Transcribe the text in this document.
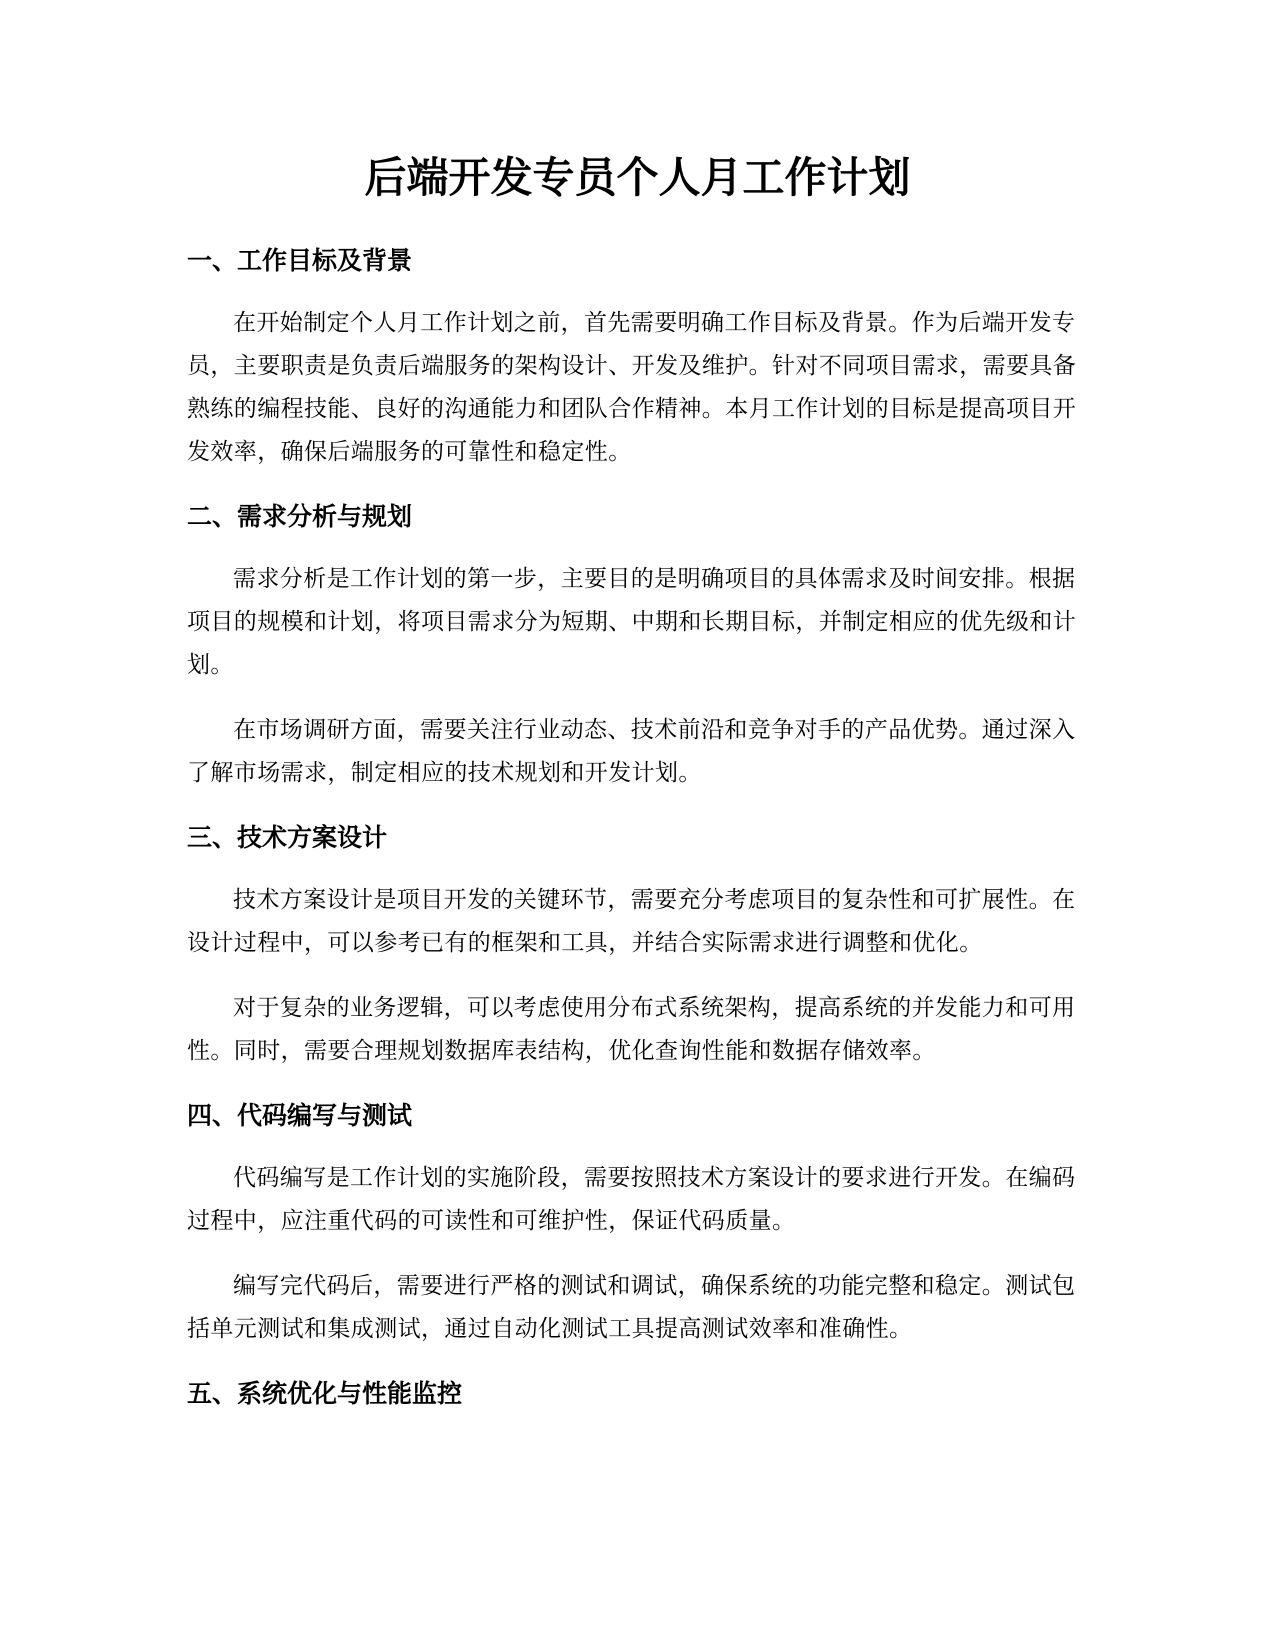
后端开发专员个人月工作计划
一、工作目标及背景

在开始制定个人月工作计划之前，首先需要明确工作目标及背景。作为后端开发专员，主要职责是负责后端服务的架构设计、开发及维护。针对不同项目需求，需要具备熟练的编程技能、良好的沟通能力和团队合作精神。本月工作计划的目标是提高项目开发效率，确保后端服务的可靠性和稳定性。

二、需求分析与规划

需求分析是工作计划的第一步，主要目的是明确项目的具体需求及时间安排。根据项目的规模和计划，将项目需求分为短期、中期和长期目标，并制定相应的优先级和计划。

在市场调研方面，需要关注行业动态、技术前沿和竞争对手的产品优势。通过深入了解市场需求，制定相应的技术规划和开发计划。

三、技术方案设计

技术方案设计是项目开发的关键环节，需要充分考虑项目的复杂性和可扩展性。在设计过程中，可以参考已有的框架和工具，并结合实际需求进行调整和优化。

对于复杂的业务逻辑，可以考虑使用分布式系统架构，提高系统的并发能力和可用性。同时，需要合理规划数据库表结构，优化查询性能和数据存储效率。

四、代码编写与测试

代码编写是工作计划的实施阶段，需要按照技术方案设计的要求进行开发。在编码过程中，应注重代码的可读性和可维护性，保证代码质量。

编写完代码后，需要进行严格的测试和调试，确保系统的功能完整和稳定。测试包括单元测试和集成测试，通过自动化测试工具提高测试效率和准确性。

五、系统优化与性能监控
